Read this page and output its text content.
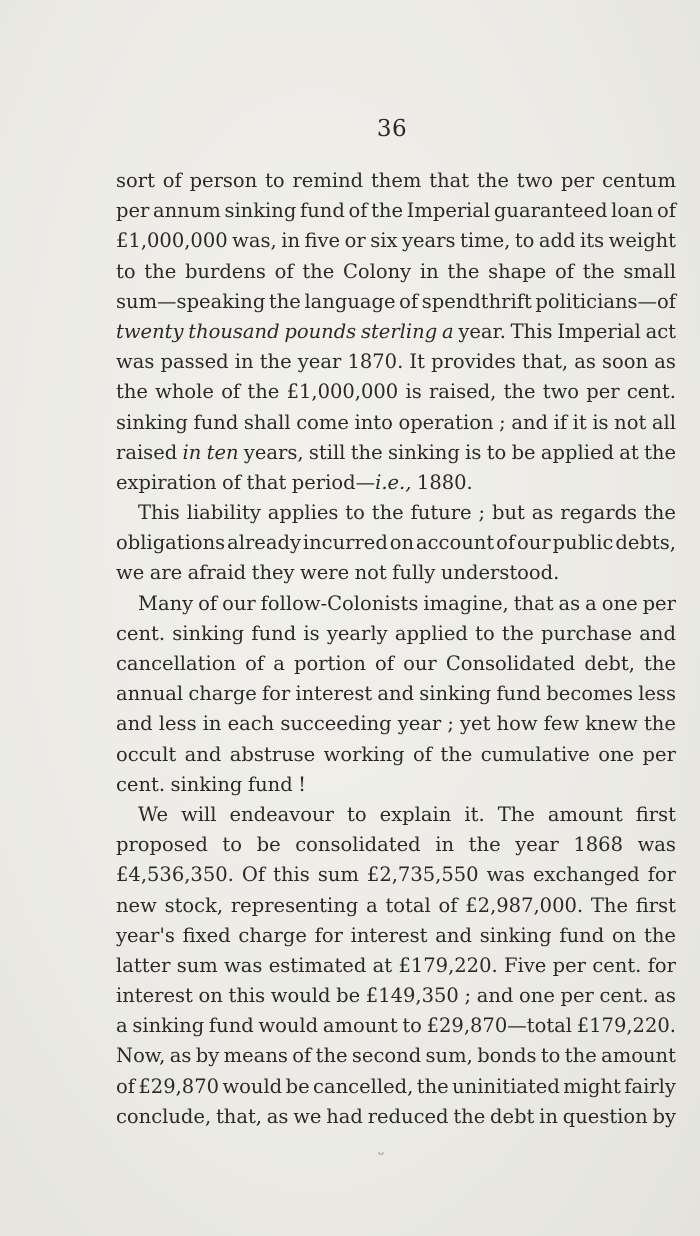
36
sort of person to remind them that the two per centum
per annum sinking fund of the Imperial guaranteed loan of
£1,000,000 was, in five or six years time, to add its weight
to the burdens of the Colony in the shape of the small
sum—speaking the language of spendthrift politicians—of
twenty thousand pounds sterling a year. This Imperial act
was passed in the year 1870. It provides that, as soon as
the whole of the £1,000,000 is raised, the two per cent.
sinking fund shall come into operation ; and if it is not all
raised in ten years, still the sinking is to be applied at the
expiration of that period—i.e., 1880.
This liability applies to the future ; but as regards the
obligations already incurred on account of our public debts,
we are afraid they were not fully understood.
Many of our follow-Colonists imagine, that as a one per
cent. sinking fund is yearly applied to the purchase and
cancellation of a portion of our Consolidated debt, the
annual charge for interest and sinking fund becomes less
and less in each succeeding year ; yet how few knew the
occult and abstruse working of the cumulative one per
cent. sinking fund !
We will endeavour to explain it. The amount first
proposed to be consolidated in the year 1868 was
£4,536,350. Of this sum £2,735,550 was exchanged for
new stock, representing a total of £2,987,000. The first
year's fixed charge for interest and sinking fund on the
latter sum was estimated at £179,220. Five per cent. for
interest on this would be £149,350 ; and one per cent. as
a sinking fund would amount to £29,870—total £179,220.
Now, as by means of the second sum, bonds to the amount
of £29,870 would be cancelled, the uninitiated might fairly
conclude, that, as we had reduced the debt in question by
ᴗ
